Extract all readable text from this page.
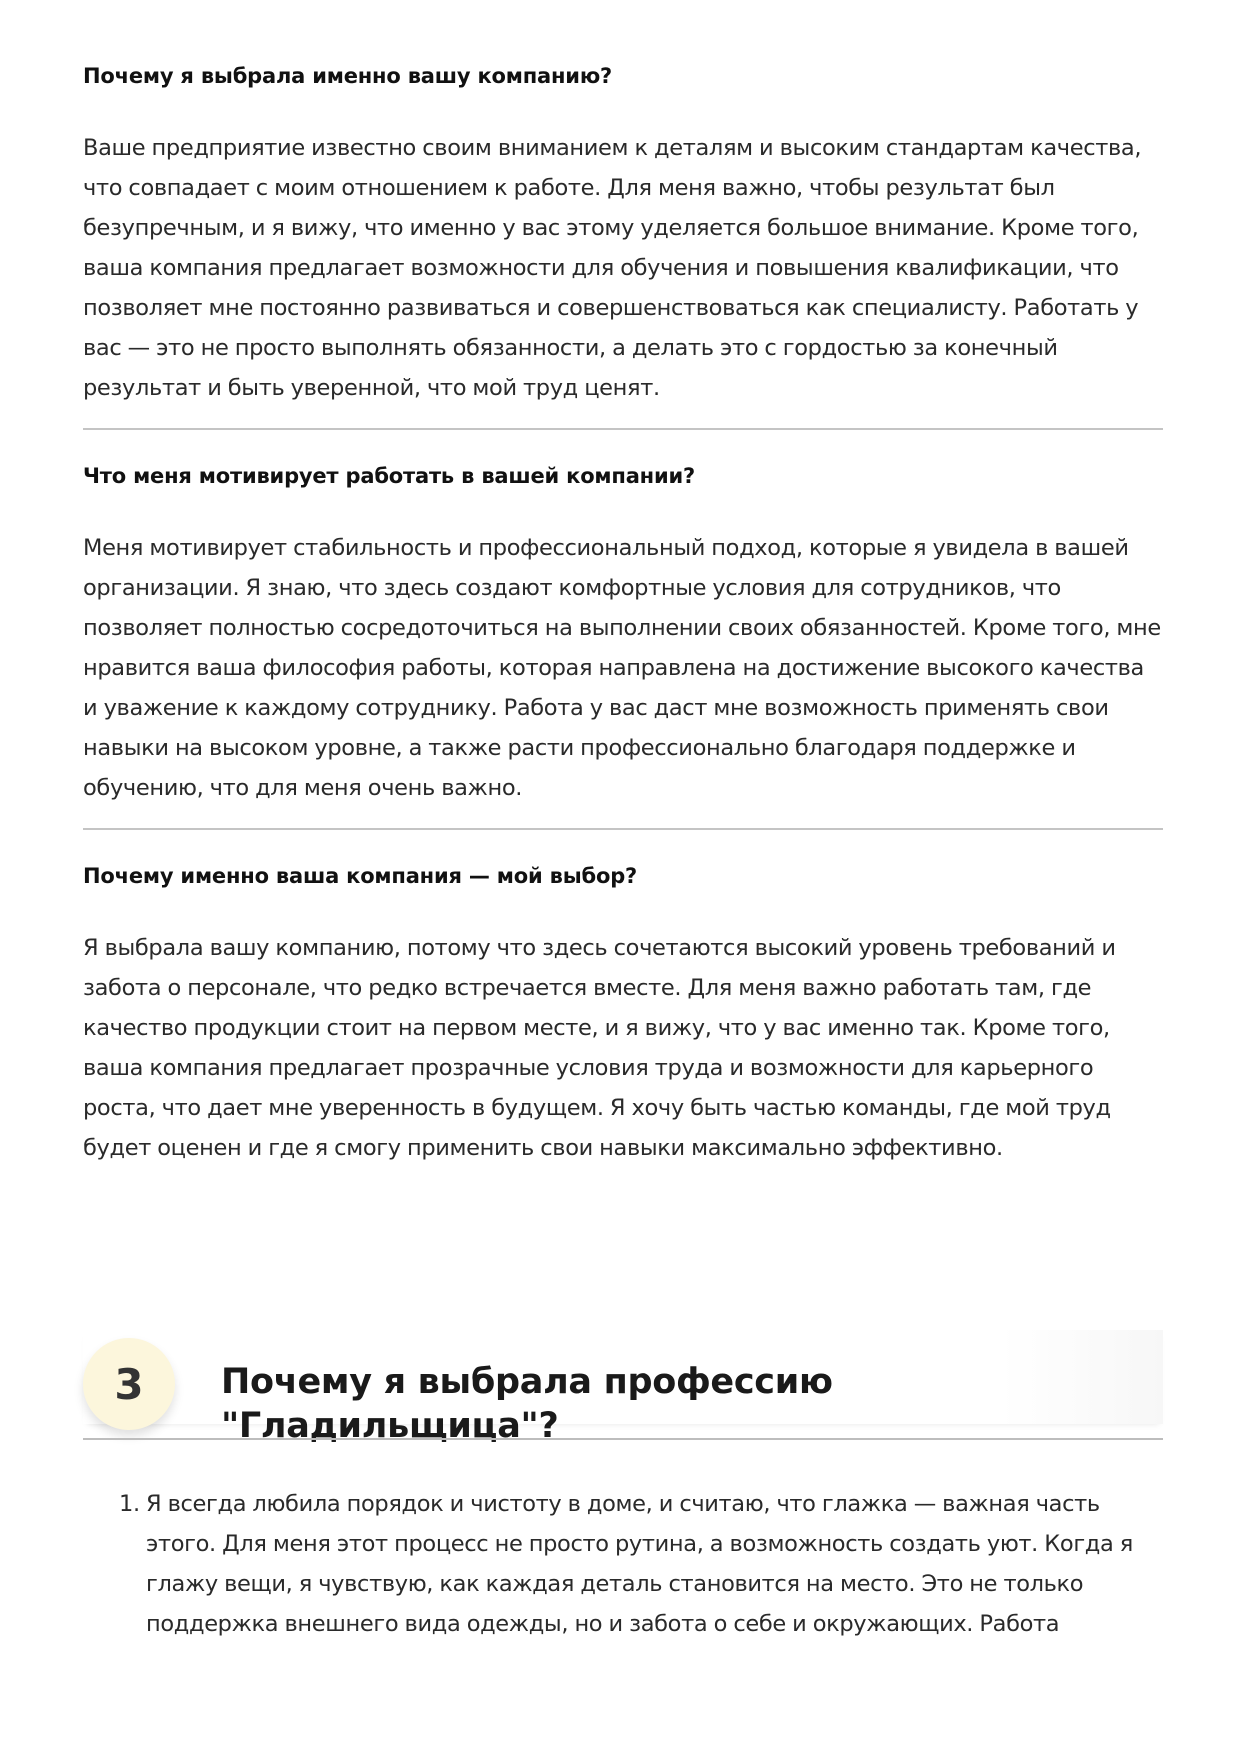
Почему я выбрала именно вашу компанию?

Ваше предприятие известно своим вниманием к деталям и высоким стандартам качества, что совпадает с моим отношением к работе. Для меня важно, чтобы результат был безупречным, и я вижу, что именно у вас этому уделяется большое внимание. Кроме того, ваша компания предлагает возможности для обучения и повышения квалификации, что позволяет мне постоянно развиваться и совершенствоваться как специалисту. Работать у вас — это не просто выполнять обязанности, а делать это с гордостью за конечный результат и быть уверенной, что мой труд ценят.

Что меня мотивирует работать в вашей компании?

Меня мотивирует стабильность и профессиональный подход, которые я увидела в вашей организации. Я знаю, что здесь создают комфортные условия для сотрудников, что позволяет полностью сосредоточиться на выполнении своих обязанностей. Кроме того, мне нравится ваша философия работы, которая направлена на достижение высокого качества и уважение к каждому сотруднику. Работа у вас даст мне возможность применять свои навыки на высоком уровне, а также расти профессионально благодаря поддержке и обучению, что для меня очень важно.

Почему именно ваша компания — мой выбор?

Я выбрала вашу компанию, потому что здесь сочетаются высокий уровень требований и забота о персонале, что редко встречается вместе. Для меня важно работать там, где качество продукции стоит на первом месте, и я вижу, что у вас именно так. Кроме того, ваша компания предлагает прозрачные условия труда и возможности для карьерного роста, что дает мне уверенность в будущем. Я хочу быть частью команды, где мой труд будет оценен и где я смогу применить свои навыки максимально эффективно.

3	Почему я выбрала профессию "Гладильщица"?
1. Я всегда любила порядок и чистоту в доме, и считаю, что глажка — важная часть этого. Для меня этот процесс не просто рутина, а возможность создать уют. Когда я глажу вещи, я чувствую, как каждая деталь становится на место. Это не только поддержка внешнего вида одежды, но и забота о себе и окружающих. Работа
